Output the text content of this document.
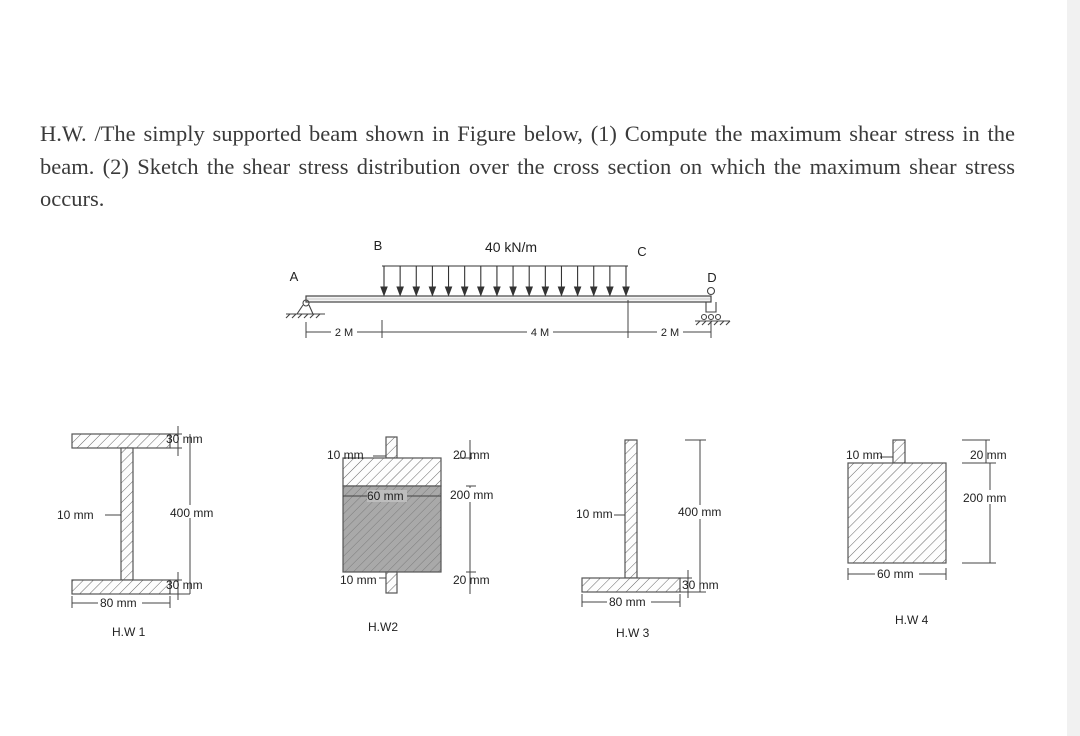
H.W. /The simply supported beam shown in Figure below, (1) Compute the maximum shear stress in the beam. (2) Sketch the shear stress distribution over the cross section on which the maximum shear stress occurs.

2 M	4 M	2 M
A
B	C
D
40 kN/m
30 mm
400 mm
30 mm
80 mm
10 mm
H.W 1
10 mm
10 mm
60 mm
20 mm
200 mm
20 mm
H.W2
10 mm	400 mm
30 mm
80 mm
H.W 3
10 mm	20 mm
200 mm
60 mm
H.W 4
